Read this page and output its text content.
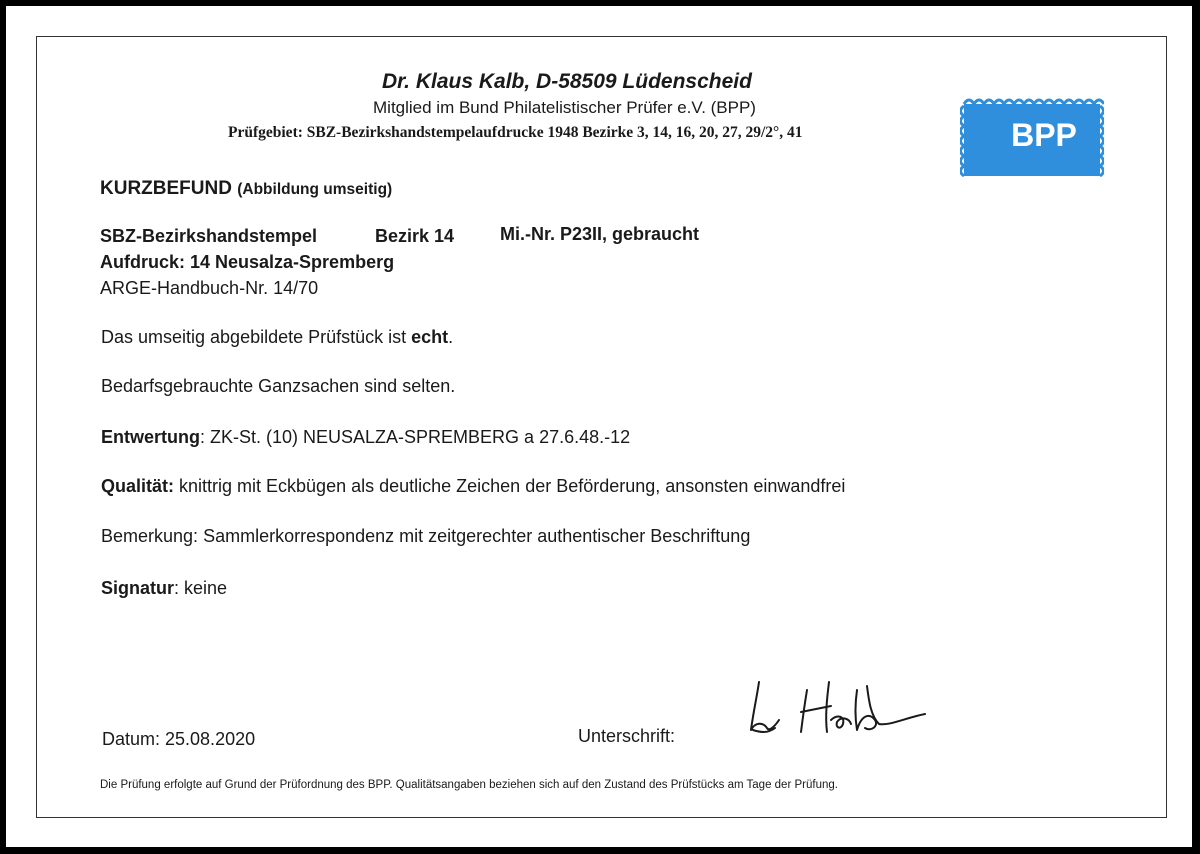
Dr. Klaus Kalb, D-58509 Lüdenscheid
Mitglied im Bund Philatelistischer Prüfer e.V. (BPP)
Prüfgebiet: SBZ-Bezirkshandstempelaufdrucke 1948 Bezirke 3, 14, 16, 20, 27, 29/2°, 41	BPP
KURZBEFUND (Abbildung umseitig)
SBZ-Bezirkshandstempel	Bezirk 14	Mi.-Nr. P23II, gebraucht
Aufdruck: 14 Neusalza-Spremberg
ARGE-Handbuch-Nr. 14/70
Das umseitig abgebildete Prüfstück ist echt.
Bedarfsgebrauchte Ganzsachen sind selten.
Entwertung: ZK-St. (10) NEUSALZA-SPREMBERG a 27.6.48.-12
Qualität: knittrig mit Eckbügen als deutliche Zeichen der Beförderung, ansonsten einwandfrei
Bemerkung: Sammlerkorrespondenz mit zeitgerechter authentischer Beschriftung
Signatur: keine
Datum: 25.08.2020	Unterschrift:
Die Prüfung erfolgte auf Grund der Prüfordnung des BPP. Qualitätsangaben beziehen sich auf den Zustand des Prüfstücks am Tage der Prüfung.
